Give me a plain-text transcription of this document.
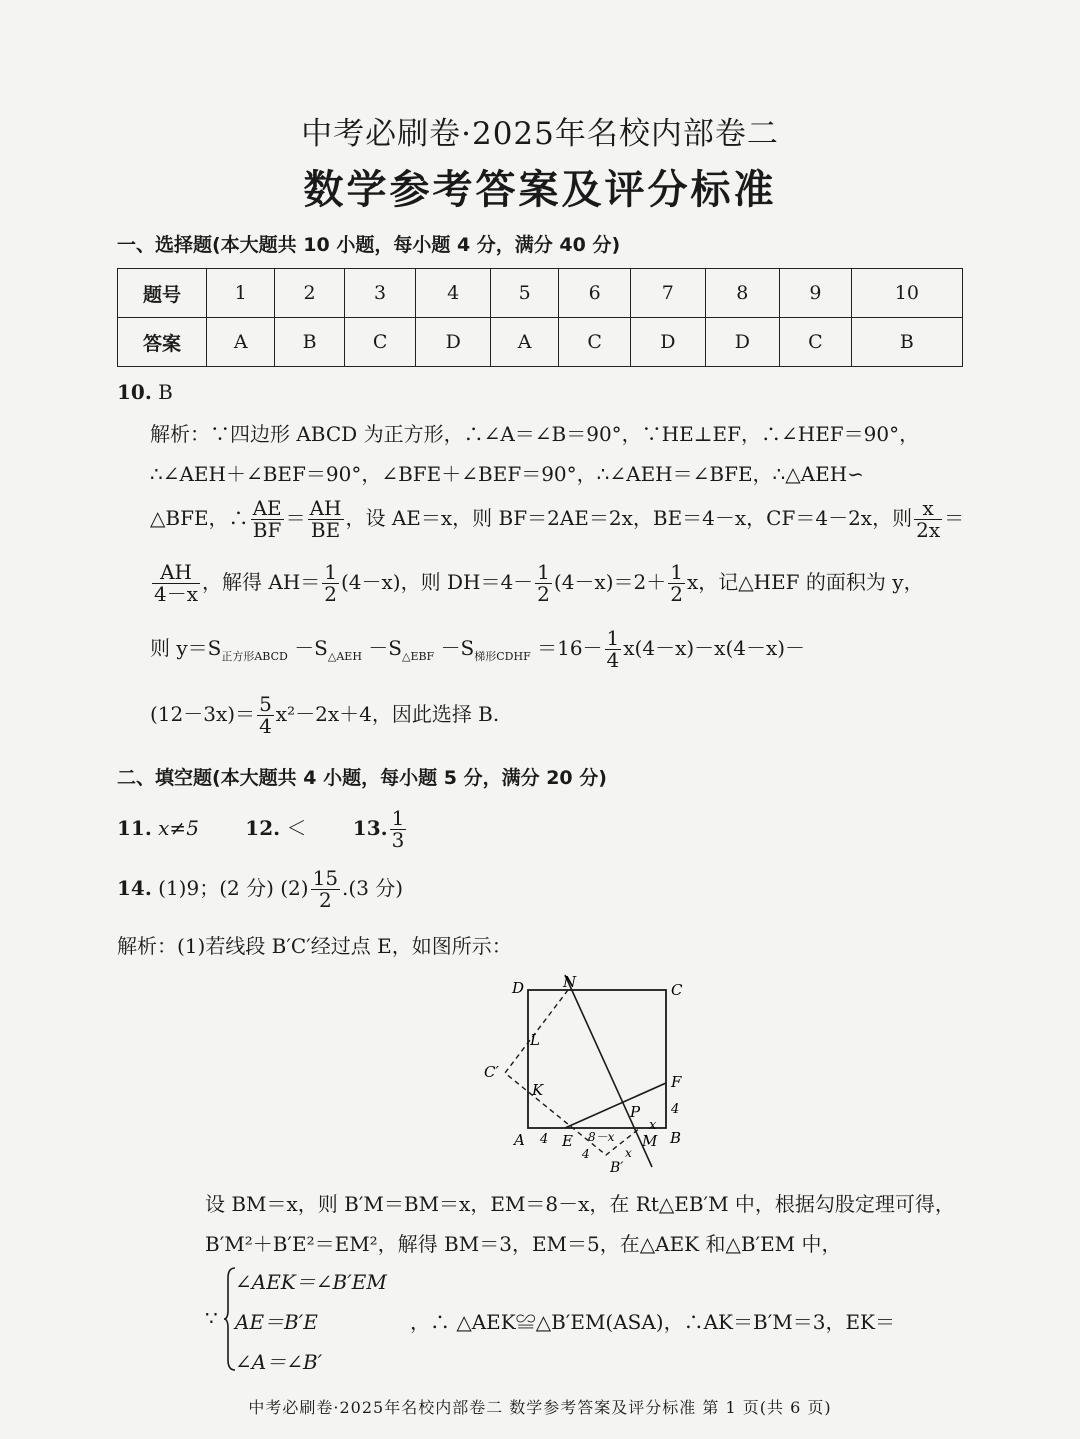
中考必刷卷·2025年名校内部卷二
数学参考答案及评分标准
一、选择题(本大题共 10 小题，每小题 4 分，满分 40 分)
题号	1	2	3	4	5	6	7	8	9	10
答案	A	B	C	D	A	C	D	D	C	B
10. B
解析：∵四边形 ABCD 为正方形，∴∠A＝∠B＝90°，∵HE⊥EF，∴∠HEF＝90°，
∴∠AEH＋∠BEF＝90°，∠BFE＋∠BEF＝90°，∴∠AEH＝∠BFE，∴△AEH∽
△BFE，∴ $\frac{AE}{BF} = \frac{AH}{BE}$ ，设 AE＝x，则 BF＝2AE＝2x，BE＝4－x，CF＝4－2x，则 $\frac{x}{2x}$ ＝
$\frac{AH}{4-x}$ ，解得 $AH= \frac{1}{2} (4-x)$，则 $DH=4- \frac{1}{2} (4-x)=2+ \frac{1}{2}$ x，记△HEF 的面积为 y，
则 $y=S_{正方形ABCD} -S_{\triangle AEH} -S_{\triangle EBF} -S_{梯形CDHF} =16- \frac{1}{4} x(4-x)-x(4-x)-$
$(12-3x)= \frac{5}{4} x^2-2x+4$，因此选择 B.
二、填空题(本大题共 4 小题，每小题 5 分，满分 20 分)
11. x≠5 12. ＜ 13. $\frac{1}{3}$
14. (1)9；(2 分) $(2) \frac{15}{2} .(3$ 分)
解析：(1)若线段 B′C′经过点 E，如图所示：
D	N	C
L
C′
K	F
P 4
x
A 4 E 8－x M B
4	x
B′
设 BM＝x，则 B′M＝BM＝x，EM＝8－x，在 Rt△EB′M 中，根据勾股定理可得，
B′M²＋B′E²＝EM²，解得 BM＝3，EM＝5，在△AEK 和△B′EM 中，
∵
∠AEK＝∠B′EM
AE＝B′E
∠A＝∠B′
，∴ △AEK≌△B′EM(ASA)，∴AK＝B′M＝3，EK＝
中考必刷卷·2025年名校内部卷二 数学参考答案及评分标准 第 1 页(共 6 页)
